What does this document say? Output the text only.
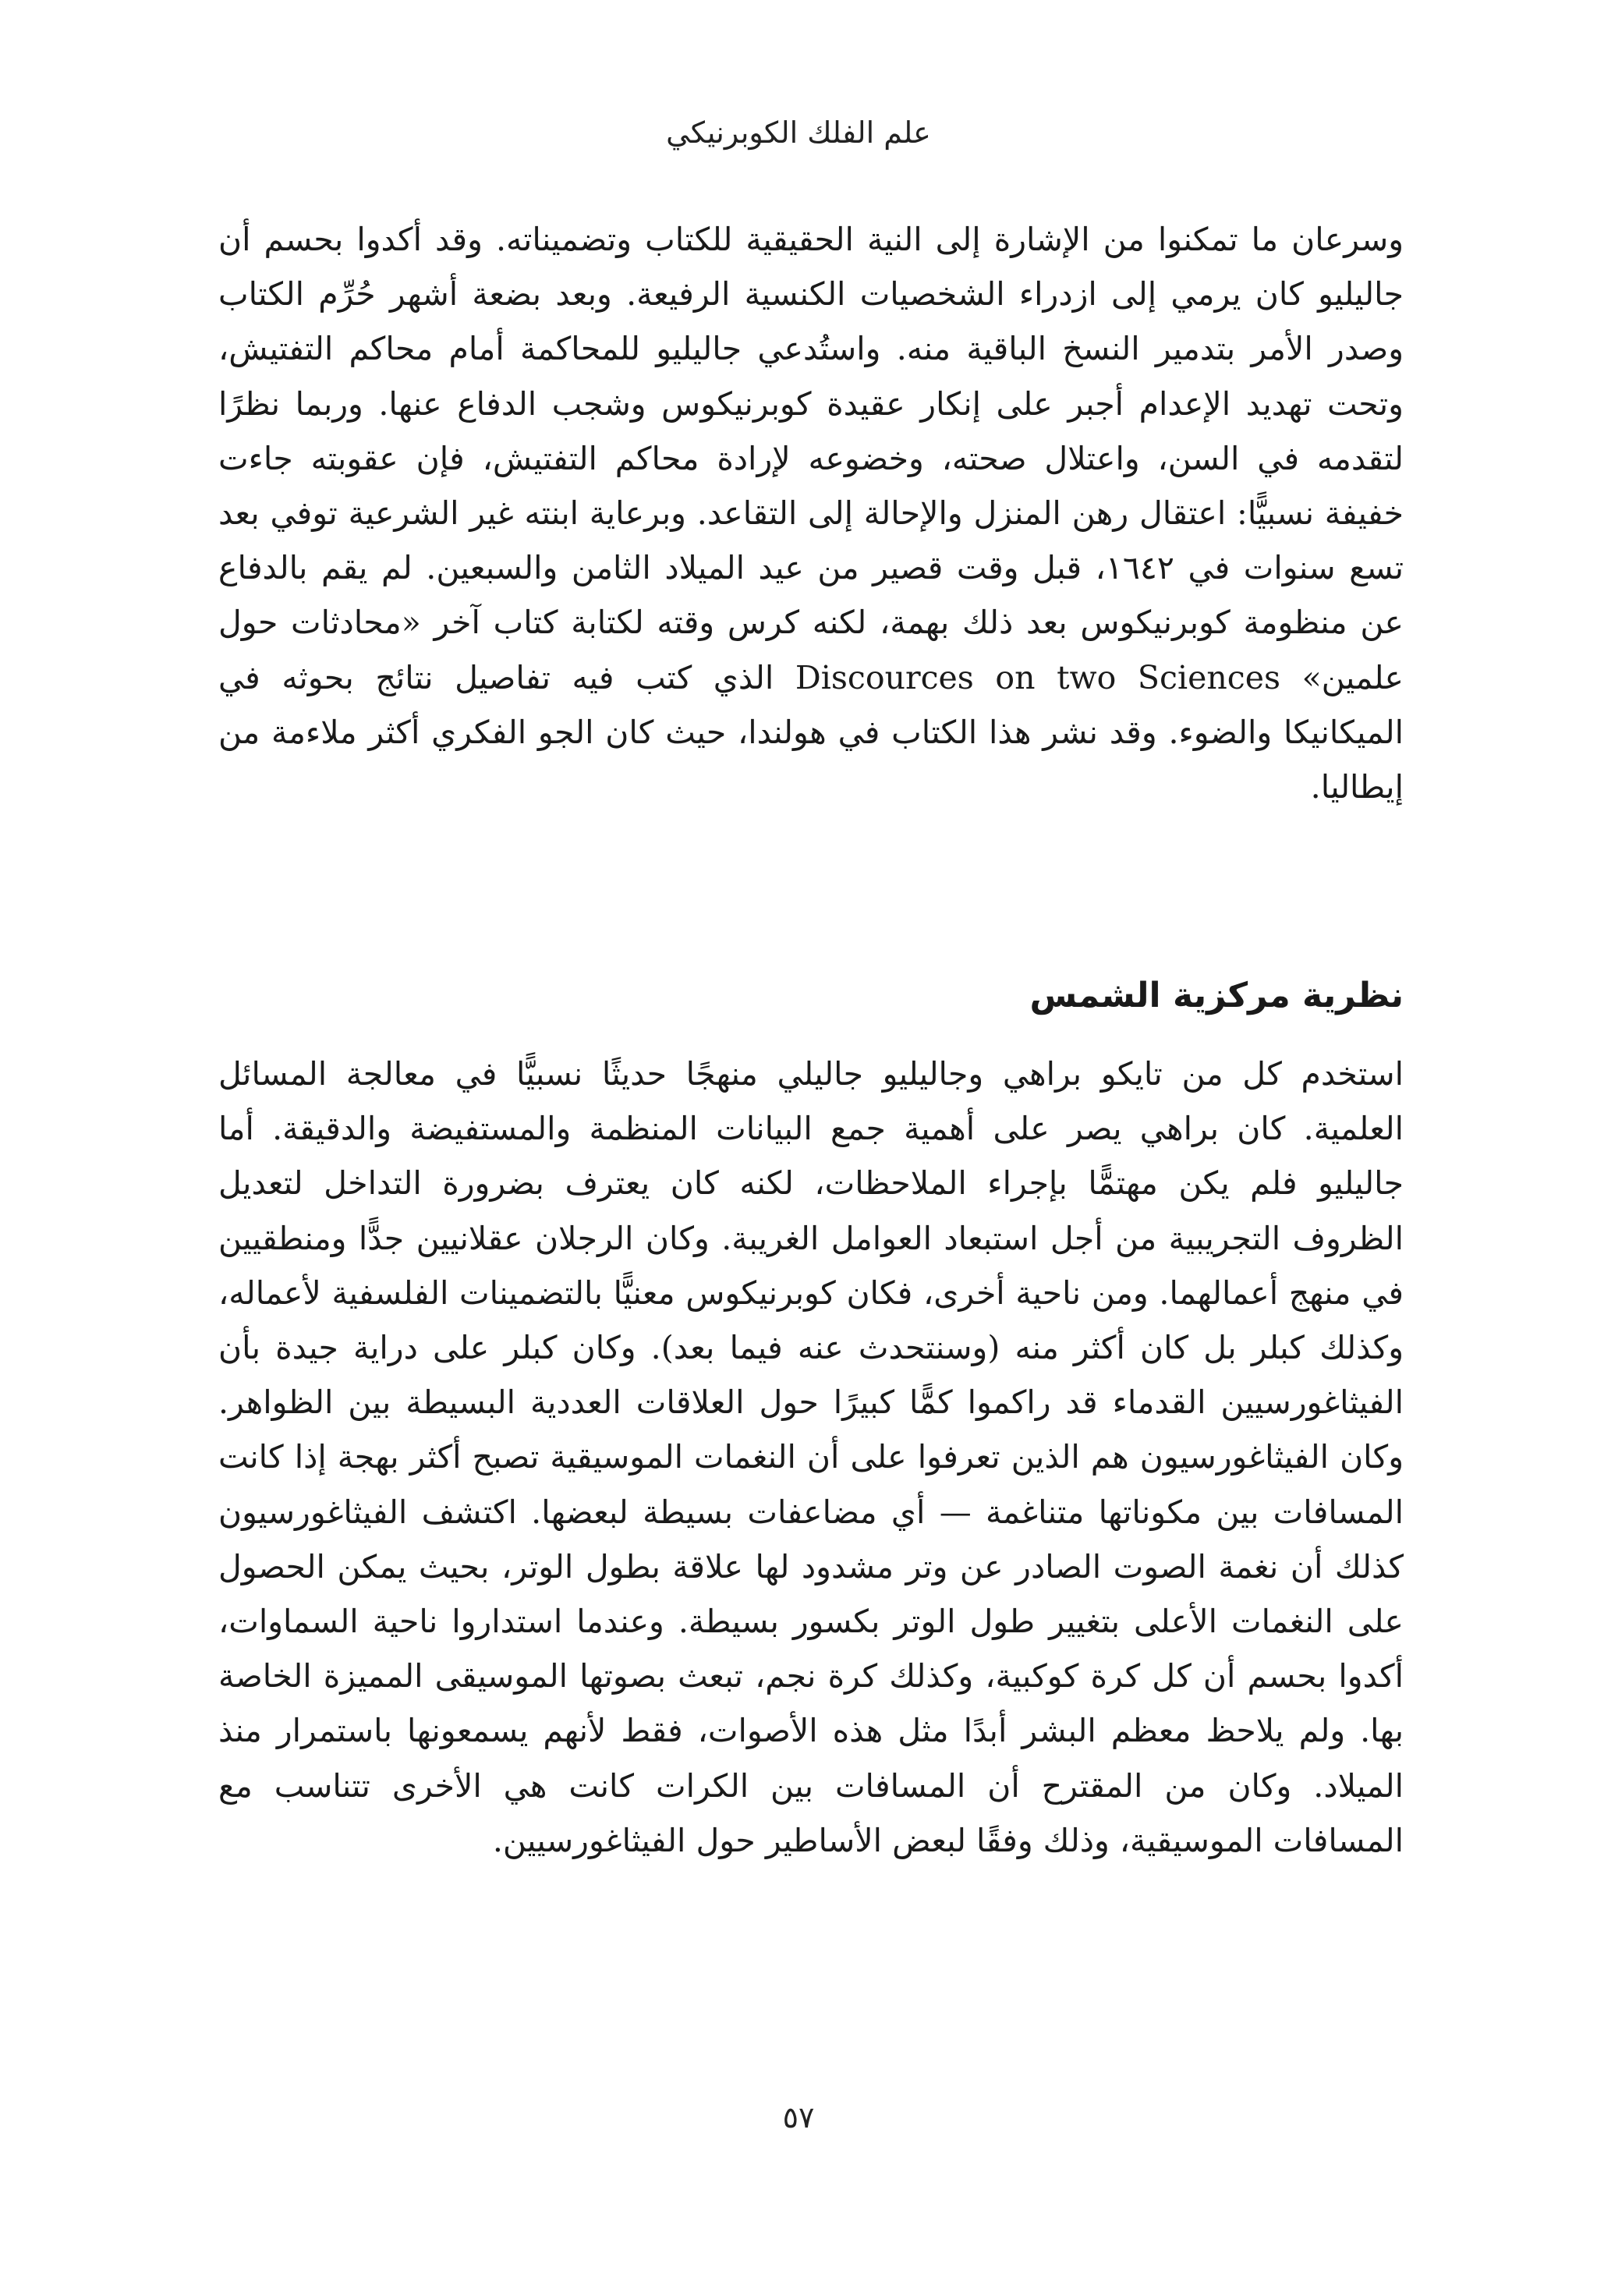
علم الفلك الكوبرنيكي

وسرعان ما تمكنوا من الإشارة إلى النية الحقيقية للكتاب وتضميناته. وقد أكدوا بحسم أن جاليليو كان يرمي إلى ازدراء الشخصيات الكنسية الرفيعة. وبعد بضعة أشهر حُرِّم الكتاب وصدر الأمر بتدمير النسخ الباقية منه. واستُدعي جاليليو للمحاكمة أمام محاكم التفتيش، وتحت تهديد الإعدام أجبر على إنكار عقيدة كوبرنيكوس وشجب الدفاع عنها. وربما نظرًا لتقدمه في السن، واعتلال صحته، وخضوعه لإرادة محاكم التفتيش، فإن عقوبته جاءت خفيفة نسبيًّا: اعتقال رهن المنزل والإحالة إلى التقاعد. وبرعاية ابنته غير الشرعية توفي بعد تسع سنوات في ١٦٤٢، قبل وقت قصير من عيد الميلاد الثامن والسبعين. لم يقم بالدفاع عن منظومة كوبرنيكوس بعد ذلك بهمة، لكنه كرس وقته لكتابة كتاب آخر «محادثات حول علمين» Discources on two Sciences الذي كتب فيه تفاصيل نتائج بحوثه في الميكانيكا والضوء. وقد نشر هذا الكتاب في هولندا، حيث كان الجو الفكري أكثر ملاءمة من إيطاليا.

نظرية مركزية الشمس

استخدم كل من تايكو براهي وجاليليو جاليلي منهجًا حديثًا نسبيًّا في معالجة المسائل العلمية. كان براهي يصر على أهمية جمع البيانات المنظمة والمستفيضة والدقيقة. أما جاليليو فلم يكن مهتمًّا بإجراء الملاحظات، لكنه كان يعترف بضرورة التداخل لتعديل الظروف التجريبية من أجل استبعاد العوامل الغريبة. وكان الرجلان عقلانيين جدًّا ومنطقيين في منهج أعمالهما. ومن ناحية أخرى، فكان كوبرنيكوس معنيًّا بالتضمينات الفلسفية لأعماله، وكذلك كبلر بل كان أكثر منه (وسنتحدث عنه فيما بعد). وكان كبلر على دراية جيدة بأن الفيثاغورسيين القدماء قد راكموا كمًّا كبيرًا حول العلاقات العددية البسيطة بين الظواهر. وكان الفيثاغورسيون هم الذين تعرفوا على أن النغمات الموسيقية تصبح أكثر بهجة إذا كانت المسافات بين مكوناتها متناغمة — أي مضاعفات بسيطة لبعضها. اكتشف الفيثاغورسيون كذلك أن نغمة الصوت الصادر عن وتر مشدود لها علاقة بطول الوتر، بحيث يمكن الحصول على النغمات الأعلى بتغيير طول الوتر بكسور بسيطة. وعندما استداروا ناحية السماوات، أكدوا بحسم أن كل كرة كوكبية، وكذلك كرة نجم، تبعث بصوتها الموسيقى المميزة الخاصة بها. ولم يلاحظ معظم البشر أبدًا مثل هذه الأصوات، فقط لأنهم يسمعونها باستمرار منذ الميلاد. وكان من المقترح أن المسافات بين الكرات كانت هي الأخرى تتناسب مع المسافات الموسيقية، وذلك وفقًا لبعض الأساطير حول الفيثاغورسيين.

٥٧
